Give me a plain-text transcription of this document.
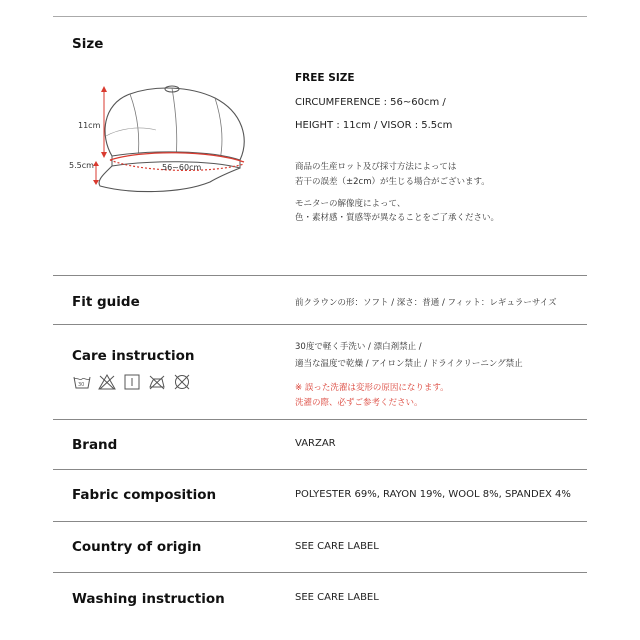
Size
11cm
5.5cm	56~60cm
FREE SIZE
CIRCUMFERENCE : 56~60cm /
HEIGHT : 11cm / VISOR : 5.5cm
商品の生産ロット及び採寸方法によっては
若干の誤差（±2cm）が生じる場合がございます。
モニターの解像度によって、
色・素材感・質感等が異なることをご了承ください。
Fit guide	前クラウンの形：ソフト / 深さ：普通 / フィット：レギュラーサイズ
Care instruction
30
30度で軽く手洗い / 漂白剤禁止 /
適当な温度で乾燥 / アイロン禁止 / ドライクリーニング禁止
※ 誤った洗濯は変形の原因になります。
洗濯の際、必ずご参考ください。
Brand	VARZAR
Fabric composition	POLYESTER 69%, RAYON 19%, WOOL 8%, SPANDEX 4%
Country of origin	SEE CARE LABEL
Washing instruction	SEE CARE LABEL
